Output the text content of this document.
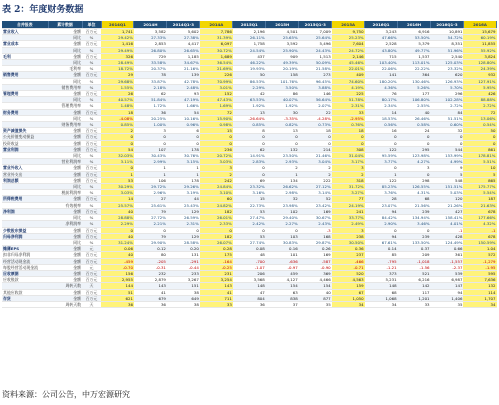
表 2：年度财务数据
合并报表	累计数据	单位	2014Q1	2014H	2014Q1-3	2014A	2015Q1	2015H	2015Q1-3	2015A	2016Q1	2016H	2016Q1-3	2016A
营业收入	金额	百万元	1,741	3,582	5,602	7,786	2,196	4,501	7,009	9,750	3,243	6,916	10,891	15,679
	同比	%	29.42%	27.33%	27.38%	31.39%	26.11%	25.65%	25.64%	25.23%	47.66%	53.50%	54.72%	60.19%
营业成本	金额	百万元	1,416	2,853	4,417	6,097	1,758	3,592	5,496	7,604	2,528	5,379	8,351	11,855
	同比	%	29.49%	26.80%	26.65%	30.72%	24.54%	25.90%	24.43%	24.72%	43.80%	49.77%	51.96%	55.92%
毛利	金额	百万元	326	729	1,185	1,689	437	909	1,513	2,146	715	1,537	2,540	3,824
	同比	%	28.49%	33.58%	34.67%	36.54%	46.22%	49.39%	50.09%	45.46%	103.40%	113.01%	125.03%	128.80%
	毛利率	%	18.72%	20.37%	21.16%	21.69%	19.93%	20.19%	21.58%	22.01%	22.06%	22.22%	23.32%	24.39%
销售费用	金额	百万元	29	78	139	226	50	158	273	409	141	364	620	932
	同比	%	29.68%	33.87%	42.78%	70.99%	86.53%	101.76%	96.45%	74.60%	180.20%	130.46%	126.93%	127.91%
	销售费用率	%	1.55%	2.18%	2.48%	3.01%	2.29%	3.50%	3.88%	4.19%	4.36%	5.26%	5.70%	5.95%
管理费用	金额	百万元	26	62	93	152	42	86	146	225	76	177	296	426
	同比	%	40.57%	51.84%	47.19%	47.43%	63.53%	40.07%	56.64%	51.78%	80.17%	106.80%	102.28%	88.88%
	管理费用率	%	1.48%	1.72%	1.66%	1.69%	1.92%	1.92%	2.07%	2.31%	2.34%	2.55%	2.72%	2.72%
财务费用	金额	百万元	18	36	54	72	13	30	22	33	14	40	84	72
	同比	%	-4.08%	20.25%	10.16%	15.90%	-26.64%	-3.35%	-4.28%	-2.95%	18.53%	26.46%	51.51%	13.06%
	财务费用率	%	0.85%	1.00%	0.96%	0.98%	0.85%	0.82%	0.73%	0.76%	0.56%	0.58%	0.60%	0.54%
资产减值损失	金额	百万元	2	3	6	15	8	13	18	18	16	24	32	50
公允价值变动损益	金额	百万元	0	0	0	0	0	0	0	0	0	0	0	0
投资收益	金额	百万元	0	0	0	0	0	0	0	0	0	0	0	0
营业利润	金额	百万元	54	107	178	236	62	132	214	308	122	295	544	861
	同比	%	32.03%	30.43%	30.76%	20.72%	14.91%	23.50%	21.46%	31.04%	95.59%	123.98%	153.99%	178.81%
	营业利润率	%	3.11%	2.99%	3.15%	3.03%	2.83%	2.93%	3.04%	3.17%	3.77%	4.27%	4.99%	5.51%
营业外收入	金额	百万元	0	1	1	3	0	2	2	3	0	3	9	10
营业外支出	金额	百万元	1	1	1	2	0	1	2	2	1	0	5	5
利润总额	金额	百万元	53	106	178	242	69	134	222	318	122	298	548	865
	同比	%	30.29%	29.72%	29.26%	24.84%	23.32%	26.62%	27.12%	31.72%	85.23%	126.55%	151.51%	175.77%
	税前利润率	%	3.03%	2.96%	3.19%	3.10%	3.16%	2.98%	3.14%	3.27%	3.76%	4.31%	5.03%	5.54%
所得税费用	金额	百万元	14	27	44	60	15	32	52	77	28	68	120	187
	有效税率	%	25.57%	25.61%	25.43%	24.82%	22.73%	23.98%	23.42%	24.19%	23.07%	21.56%	21.26%	21.63%
净利润	金额	百万元	40	79	129	182	53	102	169	241	94	239	427	678
	同比	%	28.88%	27.72%	26.59%	26.01%	27.47%	29.40%	30.67%	33.77%	84.42%	134.94%	158.41%	177.66%
	净利润率	%	2.29%	2.21%	2.31%	2.33%	2.42%	2.27%	2.43%	2.49%	2.90%	3.46%	4.01%	4.32%
少数股东损益	金额	百万元	0	0	0	0	0	0	-3	3	0	0	-1	-1
归母净利润	金额	百万元	40	79	129	182	53	103	168	238	94	239	428	678
	同比	%	31.24%	29.90%	28.58%	26.07%	27.74%	30.83%	29.87%	30.50%	67.61%	133.50%	124.49%	150.59%
摊薄EPS	金额	元	0.06	0.12	0.20	0.28	0.08	0.16	0.26	0.36	0.14	0.37	0.66	1.04
扣非归母净利润	金额	百万元	40	80	131	175	48	101	169	237	85	209	361	572
经营活动现金流	金额	百万元	-459	-205	-291	-164	-700	-636	-587	-466	-795	-1,018	-1,557	-1,279
每股经营活动现金流	金额	元	-0.70	-0.31	-0.44	-0.25	-1.07	-0.97	-0.90	-0.71	-1.21	-1.56	-2.37	-1.95
应收票据	金额	百万元	156	232	233	231	206	459	369	520	373	521	539	595
应收账款	金额	百万元	2,955	2,879	3,267	3,254	3,568	4,127	4,466	4,563	5,231	6,216	6,987	7,636
	周转天数	天	144	143	151	143	148	154	154	159	148	142	147	132
其他应收款	金额	百万元	51	41	38	41	47	63	40	67	68	117	94	114
存货	金额	百万元	621	679	649	711	804	838	877	1,050	1,068	1,201	1,406	1,707
	周转天数	天	36	36	38	33	36	37	35	34	34	33	35	34
资料来源：公司公告，中万宏源研究
